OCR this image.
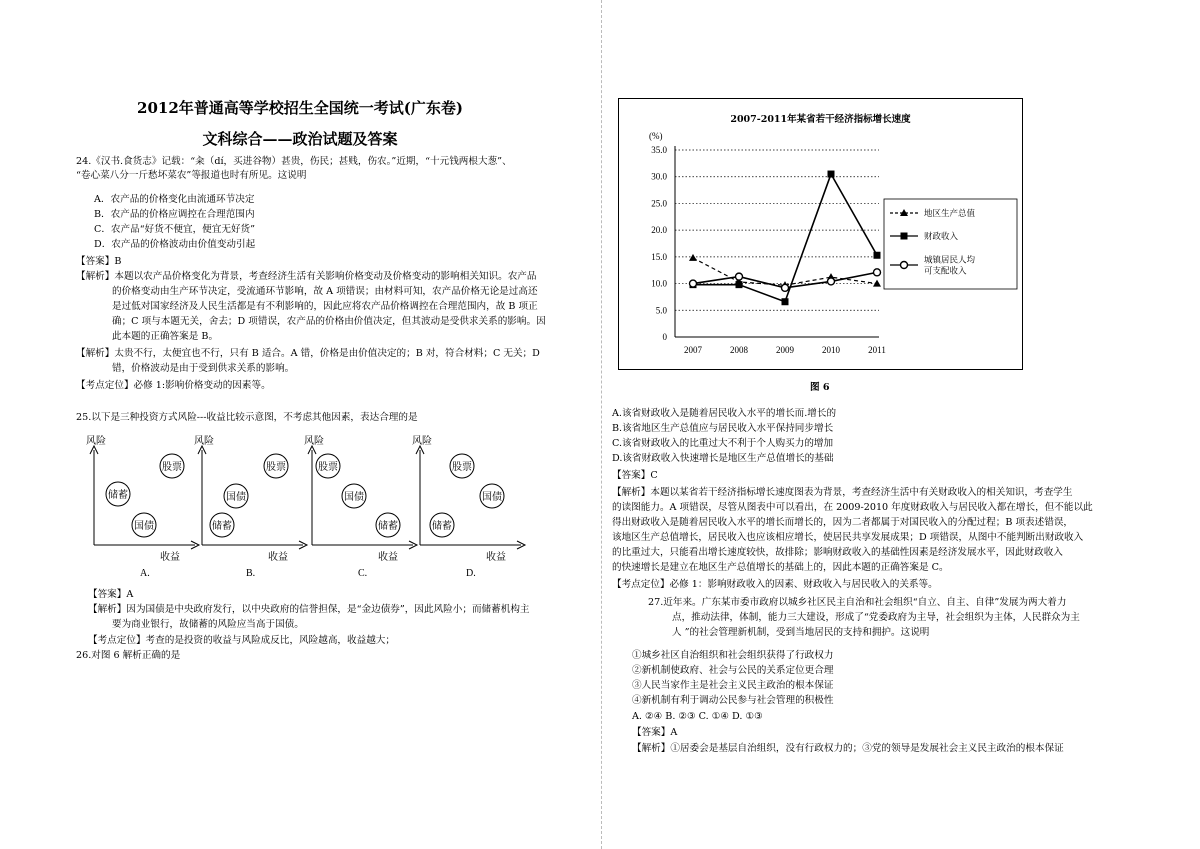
2012年普通高等学校招生全国统一考试(广东卷)
文科综合——政治试题及答案
24.《汉书.食货志》记载：“籴（dí，买进谷物）甚贵，伤民；甚贱，伤农。”近期，“十元钱两根大葱”、
“卷心菜八分一斤愁坏菜农”等报道也时有所见。这说明
A．农产品的价格变化由流通环节决定
B．农产品的价格应调控在合理范围内
C．农产品“好货不便宜，便宜无好货”
D．农产品的价格波动由价值变动引起
【答案】B
【解析】本题以农产品价格变化为背景，考查经济生活有关影响价格变动及价格变动的影响相关知识。农产品
的价格变动由生产环节决定，受流通环节影响，故 A 项错误；由材料可知，农产品价格无论是过高还
是过低对国家经济及人民生活都是有不利影响的，因此应将农产品价格调控在合理范围内，故 B 项正
确；C 项与本题无关，舍去；D 项错误，农产品的价格由价值决定，但其波动是受供求关系的影响。因
此本题的正确答案是 B。
【解析】太贵不行，太便宜也不行，只有 B 适合。A 错，价格是由价值决定的；B 对，符合材料；C 无关；D
错，价格波动是由于受到供求关系的影响。
【考点定位】必修 1:影响价格变动的因素等。
25.以下是三种投资方式风险---收益比较示意图，不考虑其他因素，表达合理的是
风险
股票
储蓄
国债
收益
A.
风险
股票
国债
储蓄
收益
B.
风险
股票
国债
储蓄
收益
C.
风险
股票
国债
储蓄
收益
D.
【答案】A
【解析】因为国债是中央政府发行，以中央政府的信誉担保，是“金边债券”，因此风险小；而储蓄机构主
要为商业银行，故储蓄的风险应当高于国债。
【考点定位】考查的是投资的收益与风险成反比，风险越高，收益越大；
26.对图 6 解析正确的是
2007-2011年某省若干经济指标增长速度
(%)
0
5.0
10.0
15.0
20.0
25.0
30.0
35.0
2007	2008	2009	2010	2011
地区生产总值
财政收入
城镇居民人均
可支配收入
图 6
A.该省财政收入是随着居民收入水平的增长而.增长的
B.该省地区生产总值应与居民收入水平保持同步增长
C.该省财政收入的比重过大不利于个人购买力的增加
D.该省财政收入快速增长是地区生产总值增长的基础
【答案】C
【解析】本题以某省若干经济指标增长速度图表为背景，考查经济生活中有关财政收入的相关知识，考查学生
的读图能力。A 项错误，尽管从图表中可以看出，在 2009-2010 年度财政收入与居民收入都在增长，但不能以此
得出财政收入是随着居民收入水平的增长而增长的，因为二者都属于对国民收入的分配过程；B 项表述错误，
该地区生产总值增长，居民收入也应该相应增长，使居民共享发展成果；D 项错误，从图中不能判断出财政收入
的比重过大，只能看出增长速度较快，故排除；影响财政收入的基础性因素是经济发展水平，因此财政收入
的快速增长是建立在地区生产总值增长的基础上的，因此本题的正确答案是 C。
【考点定位】必修 1：影响财政收入的因素、财政收入与居民收入的关系等。
27.近年来。广东某市委市政府以城乡社区民主自治和社会组织“自立、自主、自律”发展为两大着力
点，推动法律，体制，能力三大建设，形成了“党委政府为主导，社会组织为主体，人民群众为主
人 ”的社会管理新机制，受到当地居民的支持和拥护。这说明
①城乡社区自治组织和社会组织获得了行政权力
②新机制使政府、社会与公民的关系定位更合理
③人民当家作主是社会主义民主政治的根本保证
④新机制有利于调动公民参与社会管理的积极性
A. ②④ B. ②③ C. ①④ D. ①③
【答案】A
【解析】①居委会是基层自治组织，没有行政权力的；③党的领导是发展社会主义民主政治的根本保证
